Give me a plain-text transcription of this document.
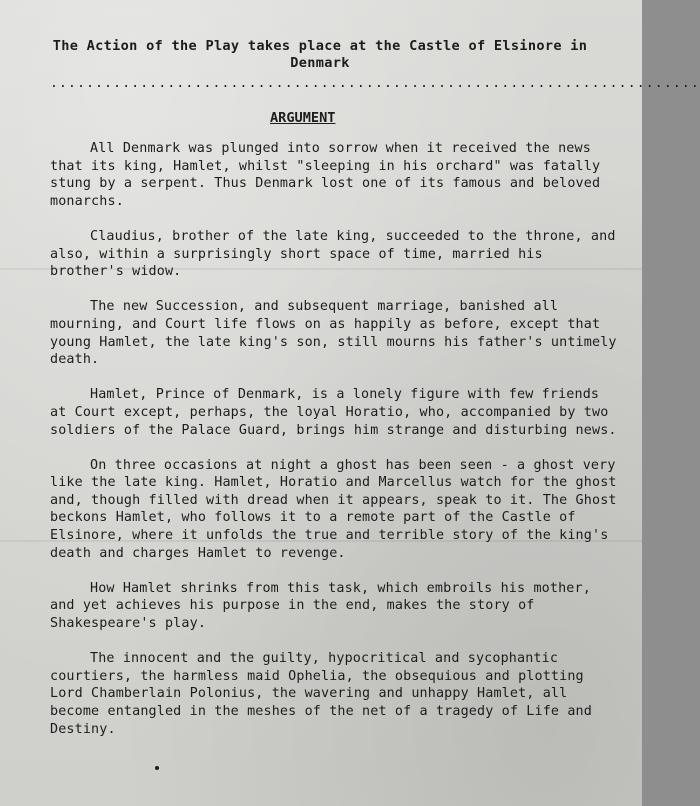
The Action of the Play takes place at the Castle of Elsinore in Denmark
........................................................................
ARGUMENT

All Denmark was plunged into sorrow when it received the news that its king, Hamlet, whilst "sleeping in his orchard" was fatally stung by a serpent. Thus Denmark lost one of its famous and beloved monarchs.

Claudius, brother of the late king, succeeded to the throne, and also, within a surprisingly short space of time, married his brother's widow.

The new Succession, and subsequent marriage, banished all mourning, and Court life flows on as happily as before, except that young Hamlet, the late king's son, still mourns his father's untimely death.

Hamlet, Prince of Denmark, is a lonely figure with few friends at Court except, perhaps, the loyal Horatio, who, accompanied by two soldiers of the Palace Guard, brings him strange and disturbing news.

On three occasions at night a ghost has been seen - a ghost very like the late king. Hamlet, Horatio and Marcellus watch for the ghost and, though filled with dread when it appears, speak to it. The Ghost beckons Hamlet, who follows it to a remote part of the Castle of Elsinore, where it unfolds the true and terrible story of the king's death and charges Hamlet to revenge.

How Hamlet shrinks from this task, which embroils his mother, and yet achieves his purpose in the end, makes the story of Shakespeare's play.

The innocent and the guilty, hypocritical and sycophantic courtiers, the harmless maid Ophelia, the obsequious and plotting Lord Chamberlain Polonius, the wavering and unhappy Hamlet, all become entangled in the meshes of the net of a tragedy of Life and Destiny.
